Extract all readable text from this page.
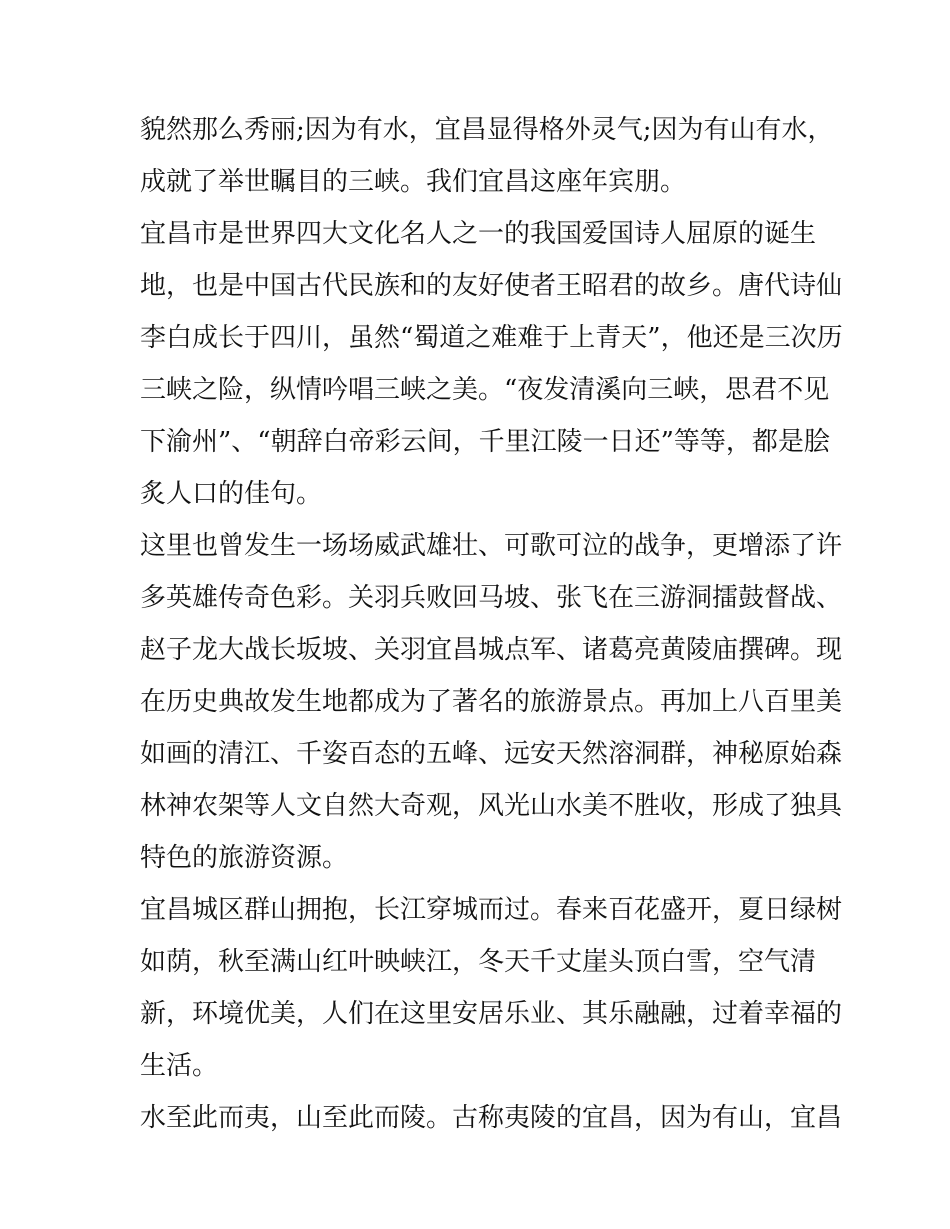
貌然那么秀丽;因为有水，宜昌显得格外灵气;因为有山有水，
成就了举世瞩目的三峡。我们宜昌这座年宾朋。

宜昌市是世界四大文化名人之一的我国爱国诗人屈原的诞生
地，也是中国古代民族和的友好使者王昭君的故乡。唐代诗仙
李白成长于四川，虽然“蜀道之难难于上青天”，他还是三次历
三峡之险，纵情吟唱三峡之美。“夜发清溪向三峡，思君不见
下渝州”、“朝辞白帝彩云间，千里江陵一日还”等等，都是脍
炙人口的佳句。

这里也曾发生一场场威武雄壮、可歌可泣的战争，更增添了许
多英雄传奇色彩。关羽兵败回马坡、张飞在三游洞擂鼓督战、
赵子龙大战长坂坡、关羽宜昌城点军、诸葛亮黄陵庙撰碑。现
在历史典故发生地都成为了著名的旅游景点。再加上八百里美
如画的清江、千姿百态的五峰、远安天然溶洞群，神秘原始森
林神农架等人文自然大奇观，风光山水美不胜收，形成了独具
特色的旅游资源。

宜昌城区群山拥抱，长江穿城而过。春来百花盛开，夏日绿树
如荫，秋至满山红叶映峡江，冬天千丈崖头顶白雪，空气清
新，环境优美，人们在这里安居乐业、其乐融融，过着幸福的
生活。

水至此而夷，山至此而陵。古称夷陵的宜昌，因为有山，宜昌
